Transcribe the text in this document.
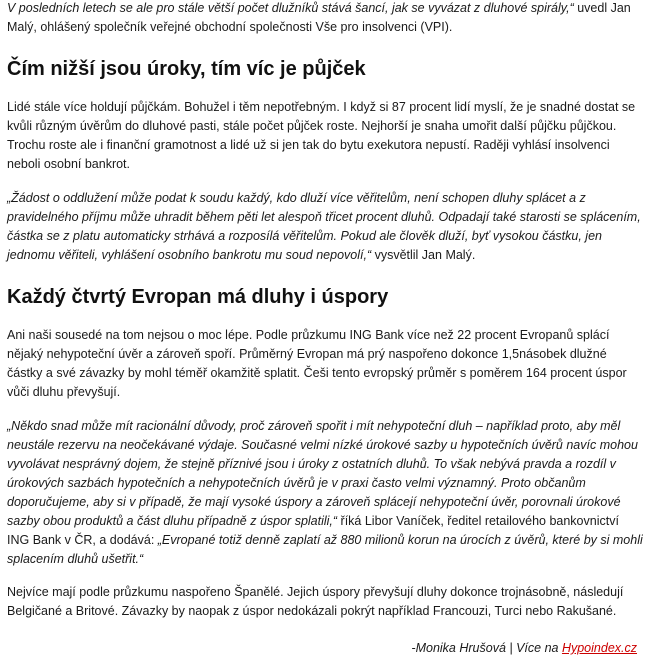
V posledních letech se ale pro stále větší počet dlužníků stává šancí, jak se vyvázat z dluhové spirály,“ uvedl Jan Malý, ohlášený společník veřejné obchodní společnosti Vše pro insolvenci (VPI).

Čím nižší jsou úroky, tím víc je půjček

Lidé stále více holdují půjčkám. Bohužel i těm nepotřebným. I když si 87 procent lidí myslí, že je snadné dostat se kvůli různým úvěrům do dluhové pasti, stále počet půjček roste. Nejhorší je snaha umořit další půjčku půjčkou. Trochu roste ale i finanční gramotnost a lidé už si jen tak do bytu exekutora nepustí. Raději vyhlásí insolvenci neboli osobní bankrot.

„Žádost o oddlužení může podat k soudu každý, kdo dluží více věřitelům, není schopen dluhy splácet a z pravidelného příjmu může uhradit během pěti let alespoň třicet procent dluhů. Odpadají také starosti se splácením, částka se z platu automaticky strhává a rozposílá věřitelům. Pokud ale člověk dluží, byť vysokou částku, jen jednomu věřiteli, vyhlášení osobního bankrotu mu soud nepovolí,“ vysvětlil Jan Malý.

Každý čtvrtý Evropan má dluhy i úspory

Ani naši sousedé na tom nejsou o moc lépe. Podle průzkumu ING Bank více než 22 procent Evropanů splácí nějaký nehypoteční úvěr a zároveň spoří. Průměrný Evropan má prý naspořeno dokonce 1,5násobek dlužné částky a své závazky by mohl téměř okamžitě splatit. Češi tento evropský průměr s poměrem 164 procent úspor vůči dluhu převyšují.

„Někdo snad může mít racionální důvody, proč zároveň spořit i mít nehypoteční dluh – například proto, aby měl neustále rezervu na neočekávané výdaje. Současné velmi nízké úrokové sazby u hypotečních úvěrů navíc mohou vyvolávat nesprávný dojem, že stejně příznivé jsou i úroky z ostatních dluhů. To však nebývá pravda a rozdíl v úrokových sazbách hypotečních a nehypotečních úvěrů je v praxi často velmi významný. Proto občanům doporučujeme, aby si v případě, že mají vysoké úspory a zároveň splácejí nehypoteční úvěr, porovnali úrokové sazby obou produktů a část dluhu případně z úspor splatili,“ říká Libor Vaníček, ředitel retailového bankovnictví ING Bank v ČR, a dodává: „Evropané totiž denně zaplatí až 880 milionů korun na úrocích z úvěrů, které by si mohli splacením dluhů ušetřit.“

Nejvíce mají podle průzkumu naspořeno Španělé. Jejich úspory převyšují dluhy dokonce trojnásobně, následují Belgičané a Britové. Závazky by naopak z úspor nedokázali pokrýt například Francouzi, Turci nebo Rakušané.

-Monika Hrušová | Více na Hypoindex.cz
